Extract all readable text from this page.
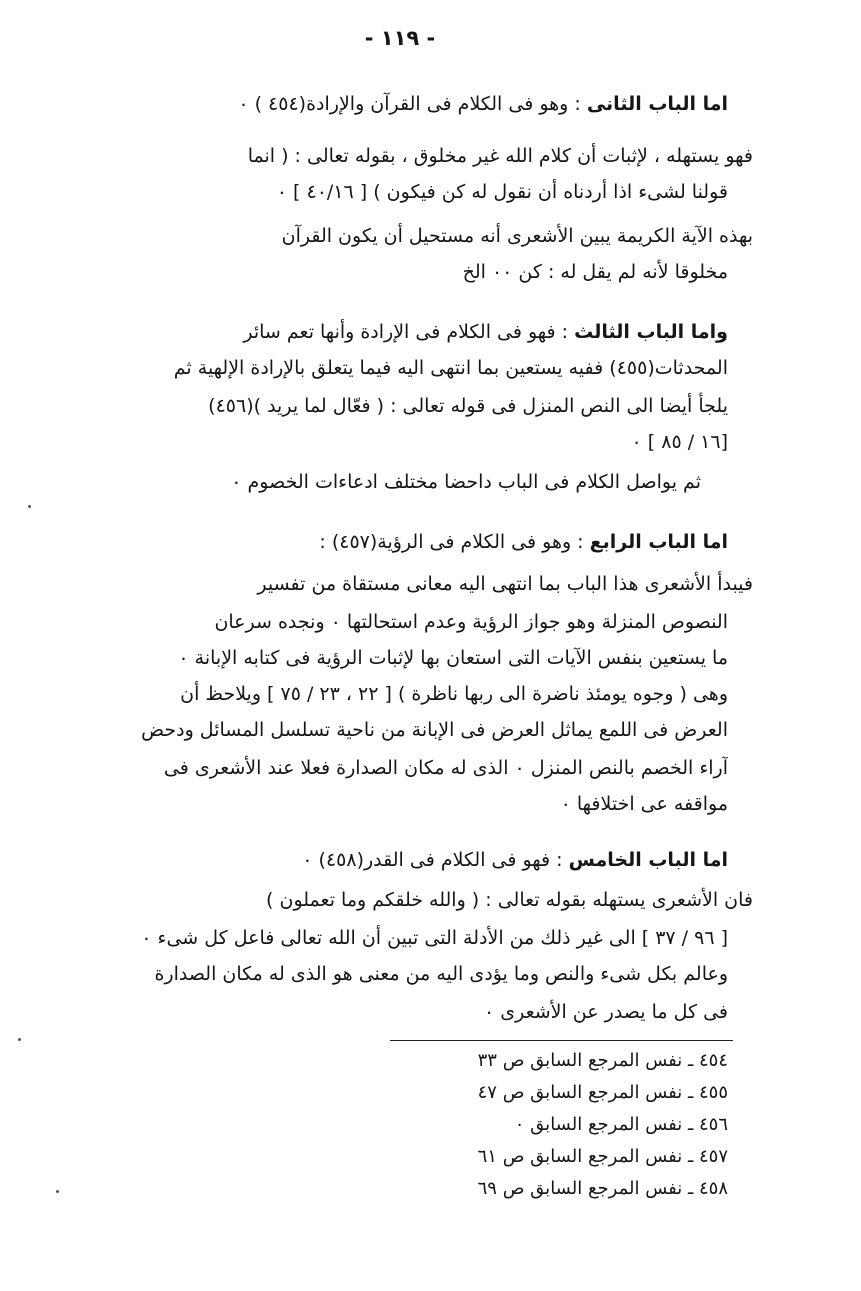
- ١١٩ -
اما الباب الثانى : وهو فى الكلام فى القرآن والإرادة(٤٥٤ ) ٠
فهو يستهله ، لإثبات أن كلام الله غير مخلوق ، بقوله تعالى : ( انما
قولنا لشىء اذا أردناه أن نقول له كن فيكون ) [ ٤٠/١٦ ] ٠
بهذه الآية الكريمة يبين الأشعرى أنه مستحيل أن يكون القرآن
مخلوقا لأنه لم يقل له : كن ٠٠ الخ
واما الباب الثالث : فهو فى الكلام فى الإرادة وأنها تعم سائر
المحدثات(٤٥٥) ففيه يستعين بما انتهى اليه فيما يتعلق بالإرادة الإلهية ثم
يلجأ أيضا الى النص المنزل فى قوله تعالى : ( فعّال لما يريد )(٤٥٦)
[١٦ / ٨٥ ] ٠
ثم يواصل الكلام فى الباب داحضا مختلف ادعاءات الخصوم ٠
اما الباب الرابع : وهو فى الكلام فى الرؤية(٤٥٧) :
فيبدأ الأشعرى هذا الباب بما انتهى اليه معانى مستقاة من تفسير
النصوص المنزلة وهو جواز الرؤية وعدم استحالتها ٠ ونجده سرعان
ما يستعين بنفس الآيات التى استعان بها لإثبات الرؤية فى كتابه الإبانة ٠
وهى ( وجوه يومئذ ناضرة الى ربها ناظرة ) [ ٢٢ ، ٢٣ / ٧٥ ] ويلاحظ أن
العرض فى اللمع يماثل العرض فى الإبانة من ناحية تسلسل المسائل ودحض
آراء الخصم بالنص المنزل ٠ الذى له مكان الصدارة فعلا عند الأشعرى فى
مواقفه عى اختلافها ٠
اما الباب الخامس : فهو فى الكلام فى القدر(٤٥٨) ٠
فان الأشعرى يستهله بقوله تعالى : ( والله خلقكم وما تعملون )
[ ٩٦ / ٣٧ ] الى غير ذلك من الأدلة التى تبين أن الله تعالى فاعل كل شىء ٠
وعالم بكل شىء والنص وما يؤدى اليه من معنى هو الذى له مكان الصدارة
فى كل ما يصدر عن الأشعرى ٠
٤٥٤ ـ نفس المرجع السابق ص ٣٣
٤٥٥ ـ نفس المرجع السابق ص ٤٧
٤٥٦ ـ نفس المرجع السابق ٠
٤٥٧ ـ نفس المرجع السابق ص ٦١
٤٥٨ ـ نفس المرجع السابق ص ٦٩
